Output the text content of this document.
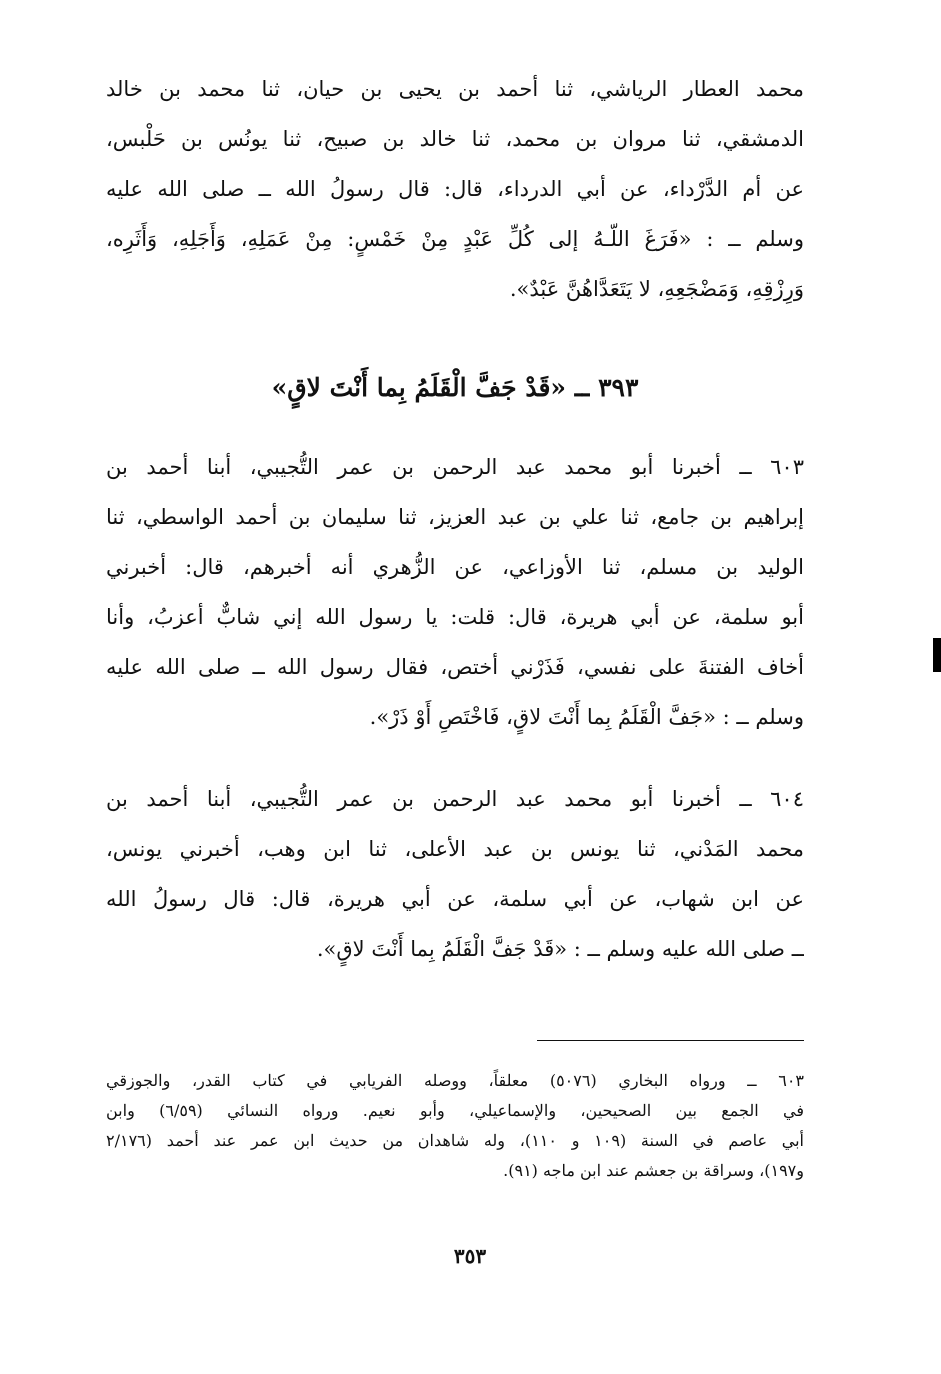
محمد العطار الرياشي، ثنا أحمد بن يحيى بن حيان، ثنا محمد بن خالد
الدمشقي، ثنا مروان بن محمد، ثنا خالد بن صبيح، ثنا يونُس بن حَلْبس،
عن أم الدَّرْداء، عن أبي الدرداء، قال: قال رسولُ الله ــ صلى الله عليه
وسلم ــ : «فَرَغَ اللّـهُ إلى كُلِّ عَبْدٍ مِنْ خَمْسٍ: مِنْ عَمَلِهِ، وَأَجَلِهِ، وَأَثَرِه،
وَرِزْقِهِ، وَمَضْجَعِهِ، لا يَتَعَدَّاهُنَّ عَبْدٌ».
٣٩٣ ــ «قَدْ جَفَّ الْقَلَمُ بِما أَنْتَ لاقٍ»
٦٠٣ ــ أخبرنا أبو محمد عبد الرحمن بن عمر التُّجيبي، أبنا أحمد بن
إبراهيم بن جامع، ثنا علي بن عبد العزيز، ثنا سليمان بن أحمد الواسطي، ثنا
الوليد بن مسلم، ثنا الأوزاعي، عن الزُّهري أنه أخبرهم، قال: أخبرني
أبو سلمة، عن أبي هريرة، قال: قلت: يا رسول الله إني شابٌّ أعزبُ، وأنا
أخاف الفتنةَ على نفسي، فَذَرْني أختص، فقال رسول الله ــ صلى الله عليه
وسلم ــ : «جَفَّ الْقَلَمُ بِما أَنْتَ لاقٍ، فَاخْتَصِ أَوْ ذَرْ».
٦٠٤ ــ أخبرنا أبو محمد عبد الرحمن بن عمر التُّجيبي، أبنا أحمد بن
محمد المَدْني، ثنا يونس بن عبد الأعلى، ثنا ابن وهب، أخبرني يونس،
عن ابن شهاب، عن أبي سلمة، عن أبي هريرة، قال: قال رسولُ الله
ــ صلى الله عليه وسلم ــ : «قَدْ جَفَّ الْقَلَمُ بِما أَنْتَ لاقٍ».
٦٠٣ ــ ورواه البخاري (٥٠٧٦) معلقاً، ووصله الفريابي في كتاب القدر، والجوزقي
في الجمع بين الصحيحين، والإسماعيلي، وأبو نعيم. ورواه النسائي (٦/٥٩) وابن
أبي عاصم في السنة (١٠٩ و ١١٠)، وله شاهدان من حديث ابن عمر عند أحمد (٢/١٧٦
و١٩٧)، وسراقة بن جعشم عند ابن ماجه (٩١).
٣٥٣
